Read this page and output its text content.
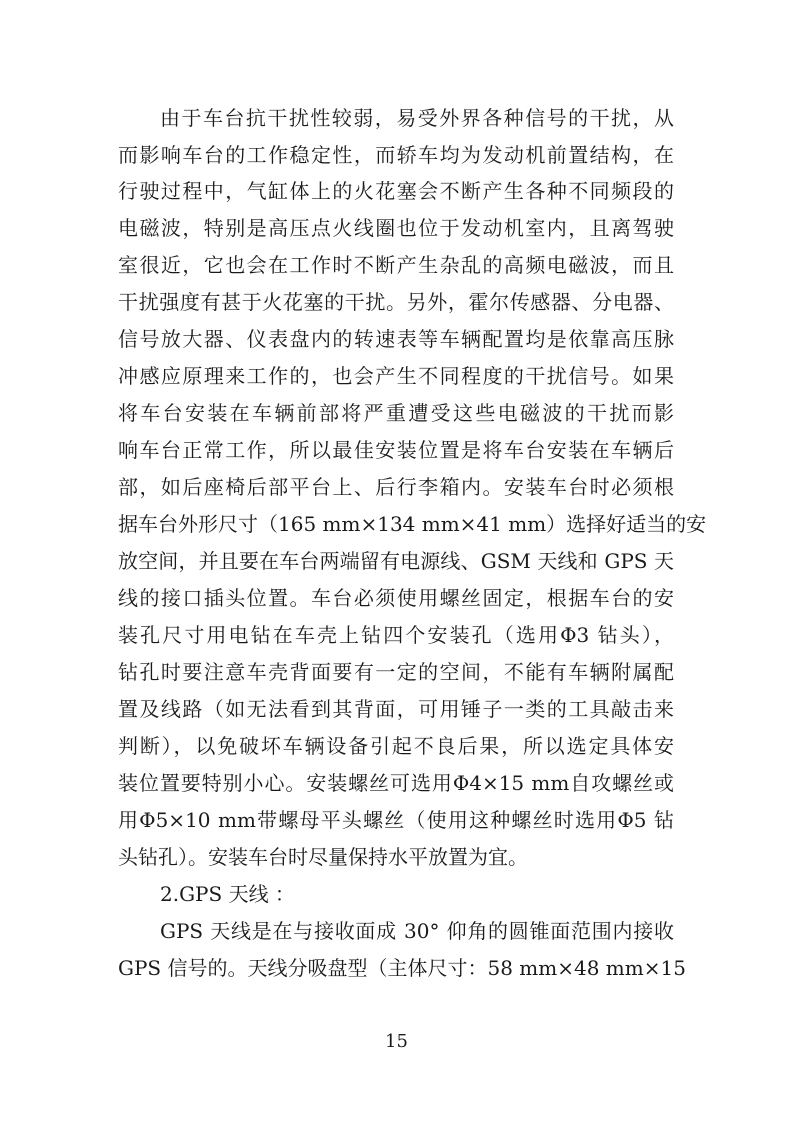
由于车台抗干扰性较弱，易受外界各种信号的干扰，从
而影响车台的工作稳定性，而轿车均为发动机前置结构，在
行驶过程中，气缸体上的火花塞会不断产生各种不同频段的
电磁波，特别是高压点火线圈也位于发动机室内，且离驾驶
室很近，它也会在工作时不断产生杂乱的高频电磁波，而且
干扰强度有甚于火花塞的干扰。另外，霍尔传感器、分电器、
信号放大器、仪表盘内的转速表等车辆配置均是依靠高压脉
冲感应原理来工作的，也会产生不同程度的干扰信号。如果
将车台安装在车辆前部将严重遭受这些电磁波的干扰而影
响车台正常工作，所以最佳安装位置是将车台安装在车辆后
部，如后座椅后部平台上、后行李箱内。安装车台时必须根
据车台外形尺寸（165 mm×134 mm×41 mm）选择好适当的安
放空间，并且要在车台两端留有电源线、GSM 天线和 GPS 天
线的接口插头位置。车台必须使用螺丝固定，根据车台的安
装孔尺寸用电钻在车壳上钻四个安装孔（选用Φ3 钻头），
钻孔时要注意车壳背面要有一定的空间，不能有车辆附属配
置及线路（如无法看到其背面，可用锤子一类的工具敲击来
判断），以免破坏车辆设备引起不良后果，所以选定具体安
装位置要特别小心。安装螺丝可选用Φ4×15 mm自攻螺丝或
用Φ5×10 mm带螺母平头螺丝（使用这种螺丝时选用Φ5 钻
头钻孔）。安装车台时尽量保持水平放置为宜。
2.GPS 天线 ：
GPS 天线是在与接收面成 30° 仰角的圆锥面范围内接收
GPS 信号的。天线分吸盘型（主体尺寸：58 mm×48 mm×15
15
